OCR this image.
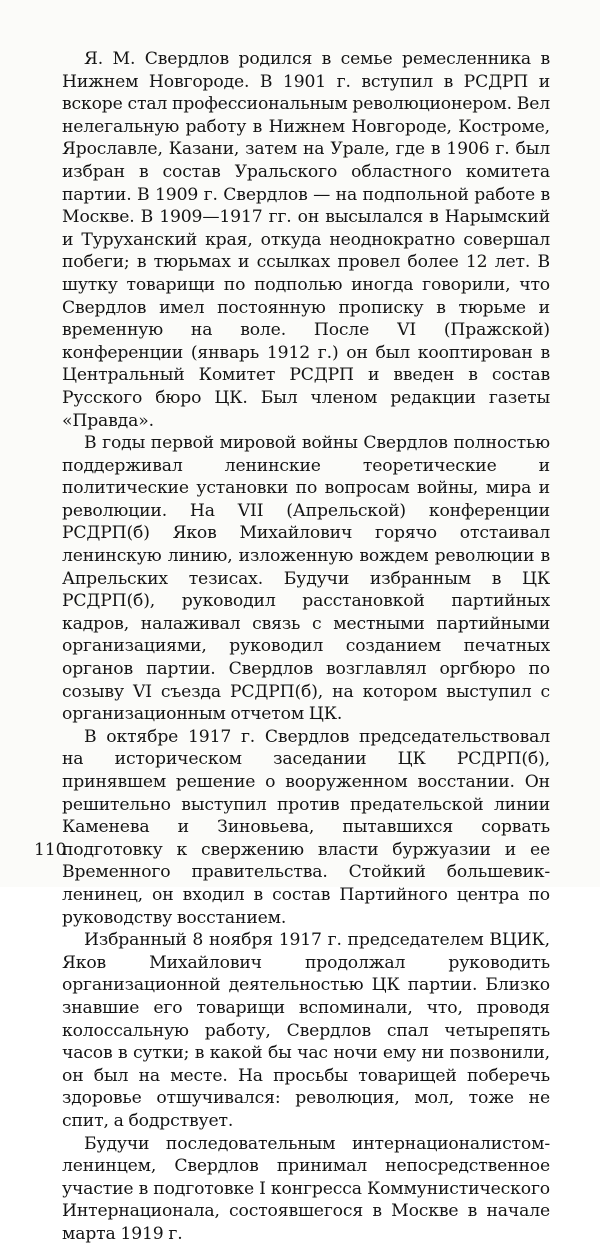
Я. М. Свердлов родился в семье ремесленника в Нижнем Новгороде. В 1901 г. вступил в РСДРП и вскоре стал профессиональным революционером. Вел нелегальную работу в Нижнем Новгороде, Костроме, Ярославле, Казани, затем на Урале, где в 1906 г. был избран в состав Уральского областного комитета партии. В 1909 г. Свердлов — на подпольной работе в Москве. В 1909—1917 гг. он высылался в Нарымский и Туруханский края, откуда неоднократно совершал побеги; в тюрьмах и ссылках провел более 12 лет. В шутку товарищи по подполью иногда говорили, что Свердлов имел постоянную прописку в тюрьме и временную на воле. После VI (Пражской) конференции (январь 1912 г.) он был кооптирован в Центральный Комитет РСДРП и введен в состав Русского бюро ЦК. Был членом редакции газеты «Правда».

В годы первой мировой войны Свердлов полностью поддерживал ленинские теоретические и политические установки по вопросам войны, мира и революции. На VII (Апрельской) конференции РСДРП(б) Яков Михайлович горячо отстаивал ленинскую линию, изложенную вождем революции в Апрельских тезисах. Будучи избранным в ЦК РСДРП(б), руководил расстановкой партийных кадров, налаживал связь с местными партийными организациями, руководил созданием печатных органов партии. Свердлов возглавлял оргбюро по созыву VI съезда РСДРП(б), на котором выступил с организационным отчетом ЦК.

В октябре 1917 г. Свердлов председательствовал на историческом заседании ЦК РСДРП(б), принявшем решение о вооруженном восстании. Он решительно выступил против предательской линии Каменева и Зиновьева, пытавшихся сорвать подготовку к свержению власти буржуазии и ее Временного правительства. Стойкий большевик-ленинец, он входил в состав Партийного центра по руководству восстанием.

Избранный 8 ноября 1917 г. председателем ВЦИК, Яков Михайлович продолжал руководить организационной деятельностью ЦК партии. Близко знавшие его товарищи вспоминали, что, проводя колоссальную работу, Свердлов спал четырепять часов в сутки; в какой бы час ночи ему ни позвонили, он был на месте. На просьбы товарищей поберечь здоровье отшучивался: революция, мол, тоже не спит, а бодрствует.

Будучи последовательным интернационалистом-ленинцем, Свердлов принимал непосредственное участие в подготовке I конгресса Коммунистического Интернационала, состоявшегося в Москве в начале марта 1919 г.

110
